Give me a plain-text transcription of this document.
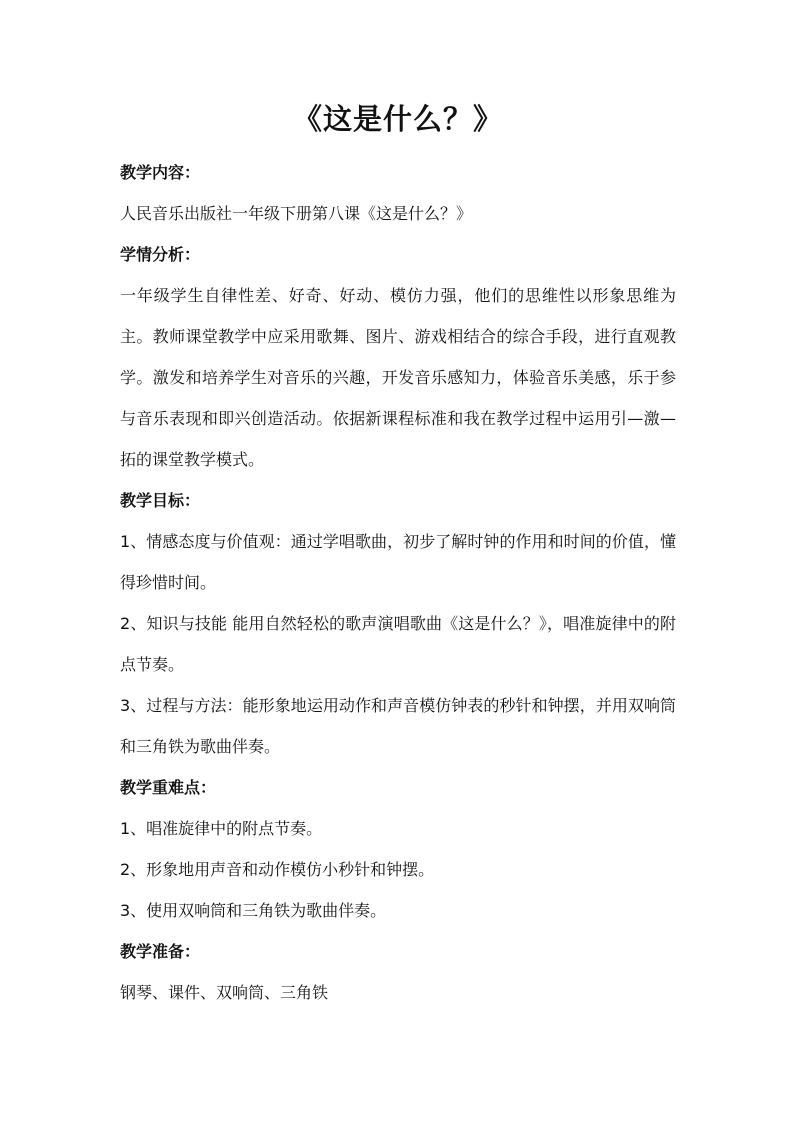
《这是什么？》

教学内容：

人民音乐出版社一年级下册第八课《这是什么？》

学情分析：

一年级学生自律性差、好奇、好动、模仿力强，他们的思维性以形象思维为主。教师课堂教学中应采用歌舞、图片、游戏相结合的综合手段，进行直观教学。激发和培养学生对音乐的兴趣，开发音乐感知力，体验音乐美感，乐于参与音乐表现和即兴创造活动。依据新课程标准和我在教学过程中运用引—激—拓的课堂教学模式。

教学目标：

1、情感态度与价值观：通过学唱歌曲，初步了解时钟的作用和时间的价值，懂得珍惜时间。

2、知识与技能 能用自然轻松的歌声演唱歌曲《这是什么？》，唱准旋律中的附点节奏。

3、过程与方法：能形象地运用动作和声音模仿钟表的秒针和钟摆，并用双响筒和三角铁为歌曲伴奏。

教学重难点：

1、唱准旋律中的附点节奏。

2、形象地用声音和动作模仿小秒针和钟摆。

3、使用双响筒和三角铁为歌曲伴奏。

教学准备：

钢琴、课件、双响筒、三角铁
